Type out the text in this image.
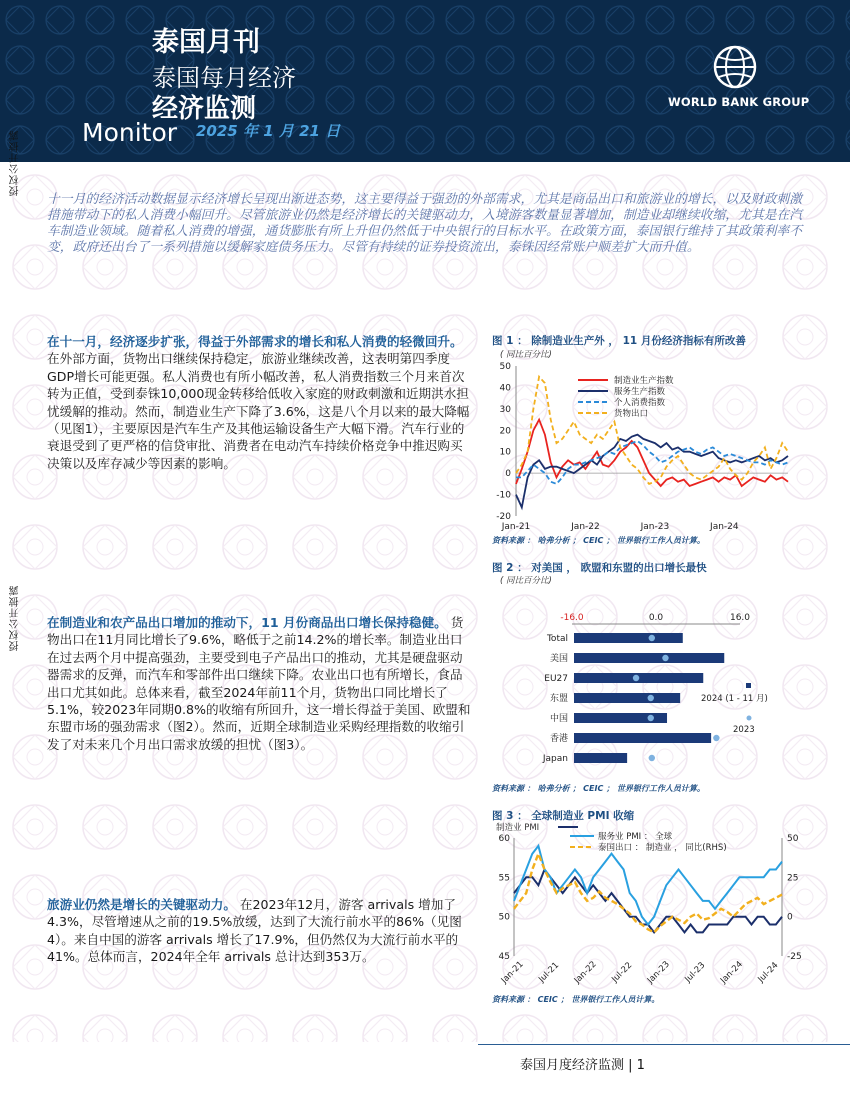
泰国月刊
泰国每月经济
经济监测
Monitor 2025 年 1 月 21 日
WORLD BANK GROUP
授权公开披露
授权公开披露
十一月的经济活动数据显示经济增长呈现出渐进态势，这主要得益于强劲的外部需求，尤其是商品出口和旅游业的增长，以及财政刺激措施带动下的私人消费小幅回升。尽管旅游业仍然是经济增长的关键驱动力，入境游客数量显著增加，制造业却继续收缩，尤其是在汽车制造业领域。随着私人消费的增强，通货膨胀有所上升但仍然低于中央银行的目标水平。在政策方面，泰国银行维持了其政策利率不变，政府还出台了一系列措施以缓解家庭债务压力。尽管有持续的证券投资流出，泰铢因经常账户顺差扩大而升值。
在十一月，经济逐步扩张，得益于外部需求的增长和私人消费的轻微回升。 在外部方面，货物出口继续保持稳定，旅游业继续改善，这表明第四季度GDP增长可能更强。私人消费也有所小幅改善，私人消费指数三个月来首次转为正值，受到泰铢10,000现金转移给低收入家庭的财政刺激和近期洪水担忧缓解的推动。然而，制造业生产下降了3.6%，这是八个月以来的最大降幅（见图1），主要原因是汽车生产及其他运输设备生产大幅下滑。汽车行业的衰退受到了更严格的信贷审批、消费者在电动汽车持续价格竞争中推迟购买决策以及库存减少等因素的影响。
在制造业和农产品出口增加的推动下，11 月份商品出口增长保持稳健。 货物出口在11月同比增长了9.6%，略低于之前14.2%的增长率。制造业出口在过去两个月中提高强劲，主要受到电子产品出口的推动，尤其是硬盘驱动器需求的反弹，而汽车和零部件出口继续下降。农业出口也有所增长，食品出口尤其如此。总体来看，截至2024年前11个月，货物出口同比增长了5.1%，较2023年同期0.8%的收缩有所回升，这一增长得益于美国、欧盟和东盟市场的强劲需求（图2）。然而，近期全球制造业采购经理指数的收缩引发了对未来几个月出口需求放缓的担忧（图3）。
旅游业仍然是增长的关键驱动力。 在2023年12月，游客 arrivals 增加了4.3%，尽管增速从之前的19.5%放缓，达到了大流行前水平的86%（见图4）。来自中国的游客 arrivals 增长了17.9%，但仍然仅为大流行前水平的41%。总体而言，2024年全年 arrivals 总计达到353万。
图 1 ： 除制造业生产外 ， 11 月份经济指标有所改善
( 同比百分比)
-20
-10
0
10
20
30
40
50
Jan-21	Jan-22	Jan-23	Jan-24
制造业生产指数
服务生产指数
个人消费指数
货物出口
资料来源 ： 哈弗分析 ； CEIC ； 世界银行工作人员计算。
图 2 ： 对美国 ， 欧盟和东盟的出口增长最快
( 同比百分比)
-16.0	0.0	16.0
Total
美国
EU27
东盟
中国
香港
Japan
2024 (1 - 11 月)
2023
资料来源 ： 哈弗分析 ； CEIC ； 世界银行工作人员计算。
图 3 ： 全球制造业 PMI 收缩
制造业 PMI
45
50
55
60
-25
0
25
50
Jan-21 Jul-21 Jan-22 Jul-22 Jan-23 Jul-23 Jan-24 Jul-24
服务业 PMI ： 全球
泰国出口 ： 制造业 ， 同比(RHS)
资料来源 ： CEIC ； 世界银行工作人员计算。
泰国月度经济监测 | 1
